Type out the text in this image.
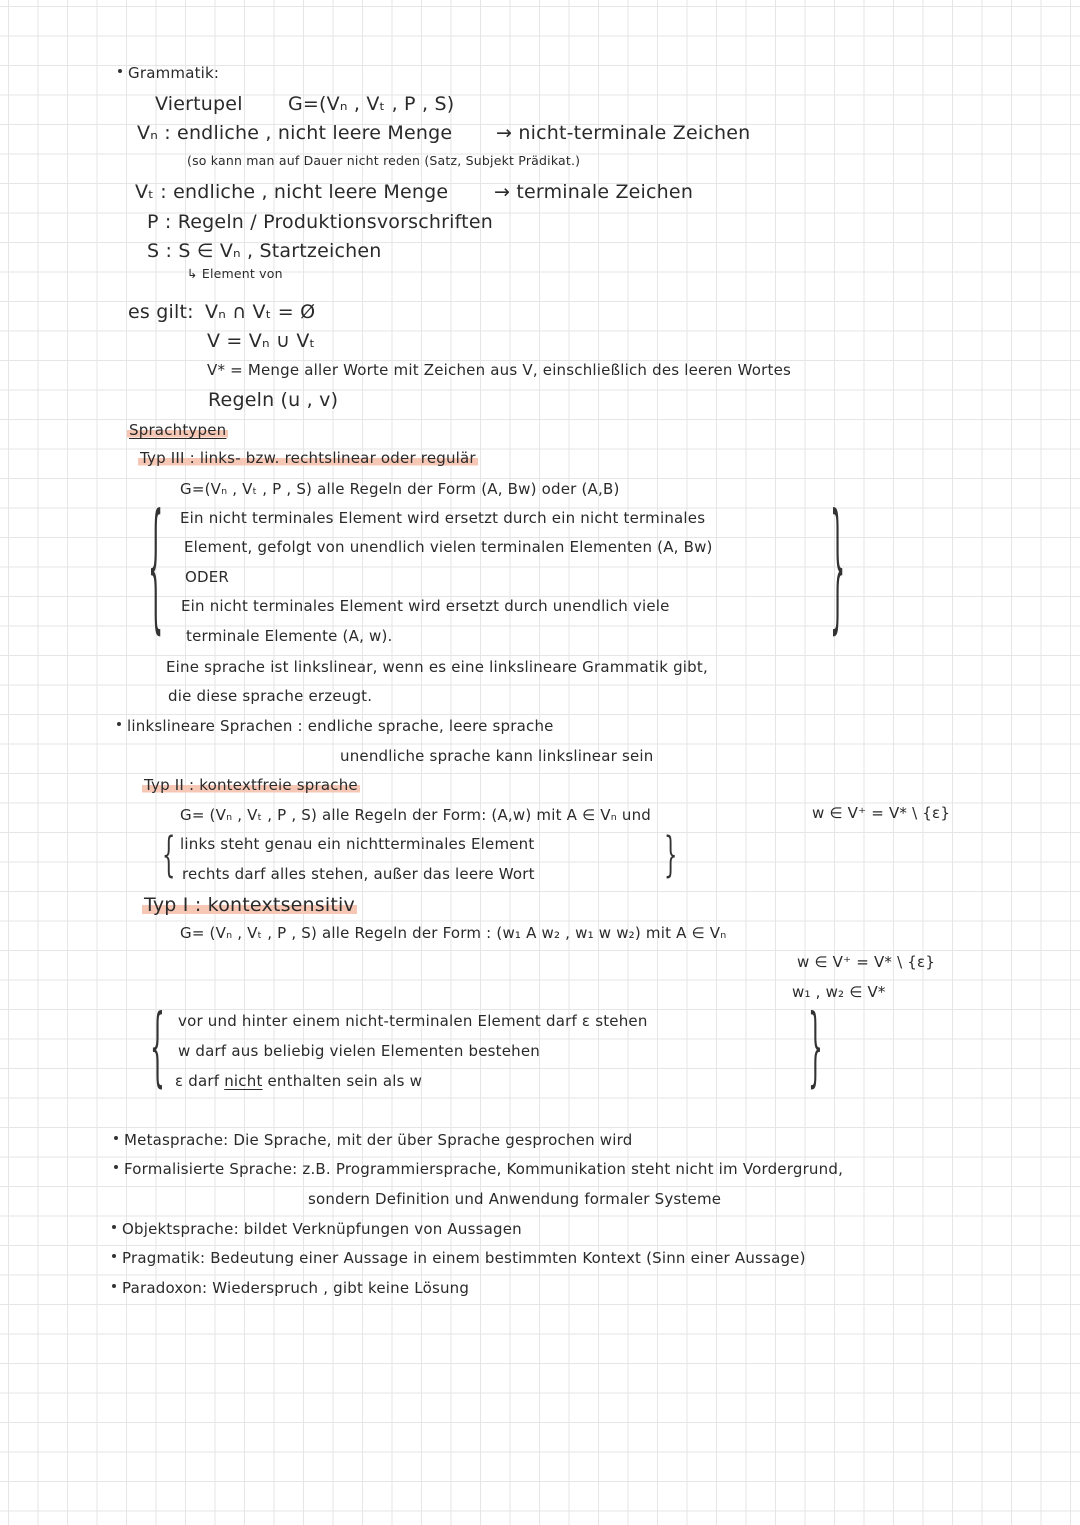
Grammatik:
Viertupel G=(Vₙ , Vₜ , P , S)
Vₙ : endliche , nicht leere Menge → nicht-terminale Zeichen
(so kann man auf Dauer nicht reden (Satz, Subjekt Prädikat.)
Vₜ : endliche , nicht leere Menge → terminale Zeichen
P : Regeln / Produktionsvorschriften
S : S ∈ Vₙ , Startzeichen
↳ Element von
es gilt: Vₙ ∩ Vₜ = Ø
V = Vₙ ∪ Vₜ
V* = Menge aller Worte mit Zeichen aus V, einschließlich des leeren Wortes
Regeln (u , v)
Sprachtypen
Typ III : links- bzw. rechtslinear oder regulär
G=(Vₙ , Vₜ , P , S) alle Regeln der Form (A, Bw) oder (A,B)
{ Ein nicht terminales Element wird ersetzt durch ein nicht terminales
Element, gefolgt von unendlich vielen terminalen Elementen (A, Bw)
ODER
Ein nicht terminales Element wird ersetzt durch unendlich viele
terminale Elemente (A, w).	}
Eine sprache ist linkslinear, wenn es eine linkslineare Grammatik gibt,
die diese sprache erzeugt.
linkslineare Sprachen : endliche sprache, leere sprache
unendliche sprache kann linkslinear sein
Typ II : kontextfreie sprache
G= (Vₙ , Vₜ , P , S) alle Regeln der Form: (A,w) mit A ∈ Vₙ und	w ∈ V⁺ = V* \ {ε}
{ links steht genau ein nichtterminales Element
rechts darf alles stehen, außer das leere Wort	}
Typ I : kontextsensitiv
G= (Vₙ , Vₜ , P , S) alle Regeln der Form : (w₁ A w₂ , w₁ w w₂) mit A ∈ Vₙ
w ∈ V⁺ = V* \ {ε}
w₁ , w₂ ∈ V*
{ vor und hinter einem nicht-terminalen Element darf ε stehen
w darf aus beliebig vielen Elementen bestehen
ε darf nicht enthalten sein als w	}
Metasprache: Die Sprache, mit der über Sprache gesprochen wird
Formalisierte Sprache: z.B. Programmiersprache, Kommunikation steht nicht im Vordergrund,
sondern Definition und Anwendung formaler Systeme
Objektsprache: bildet Verknüpfungen von Aussagen
Pragmatik: Bedeutung einer Aussage in einem bestimmten Kontext (Sinn einer Aussage)
Paradoxon: Wiederspruch , gibt keine Lösung
